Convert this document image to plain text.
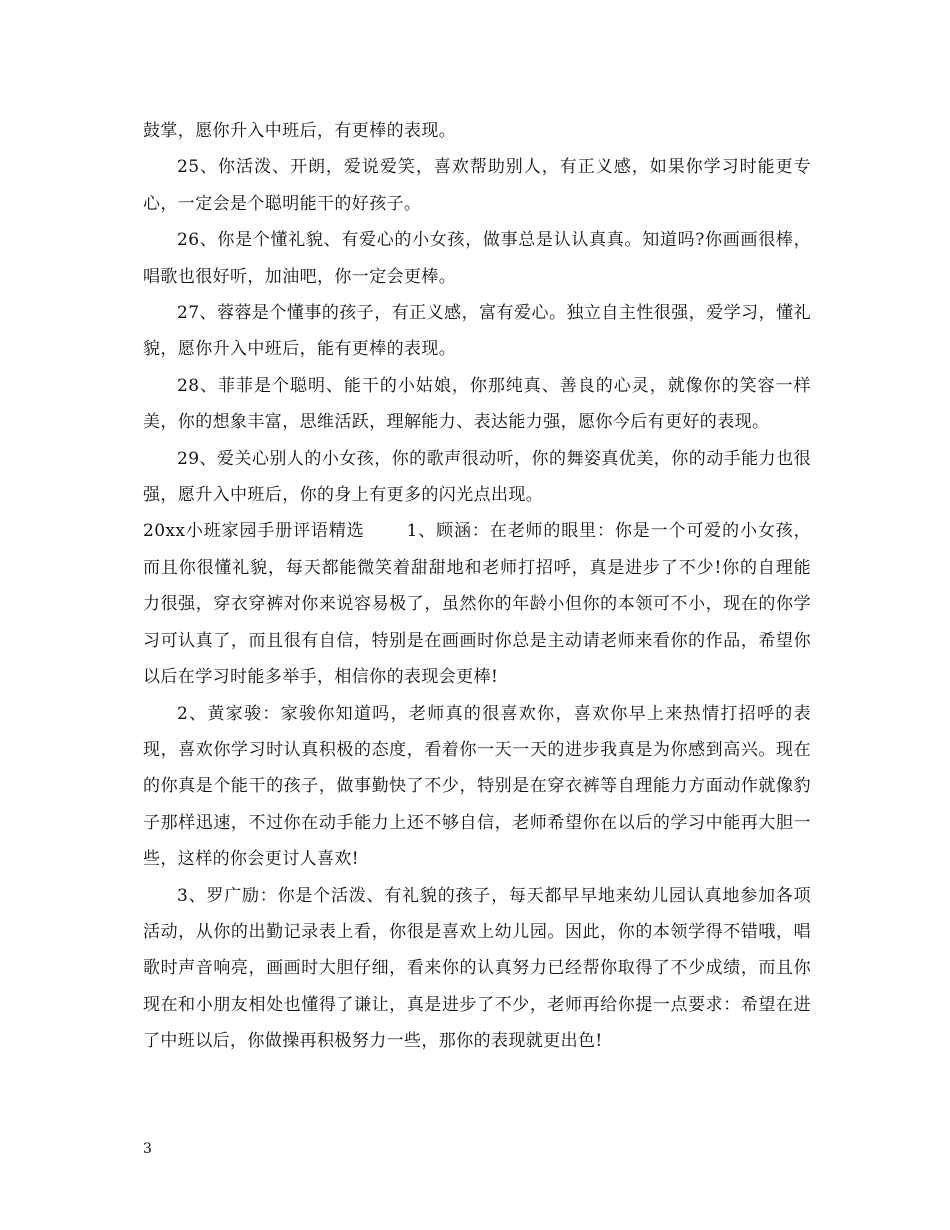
鼓掌，愿你升入中班后，有更棒的表现。

25、你活泼、开朗，爱说爱笑，喜欢帮助别人，有正义感，如果你学习时能更专心，一定会是个聪明能干的好孩子。

26、你是个懂礼貌、有爱心的小女孩，做事总是认认真真。知道吗?你画画很棒，唱歌也很好听，加油吧，你一定会更棒。

27、蓉蓉是个懂事的孩子，有正义感，富有爱心。独立自主性很强，爱学习，懂礼貌，愿你升入中班后，能有更棒的表现。

28、菲菲是个聪明、能干的小姑娘，你那纯真、善良的心灵，就像你的笑容一样美，你的想象丰富，思维活跃，理解能力、表达能力强，愿你今后有更好的表现。

29、爱关心别人的小女孩，你的歌声很动听，你的舞姿真优美，你的动手能力也很强，愿升入中班后，你的身上有更多的闪光点出现。

20xx小班家园手册评语精选　　 1、顾涵：在老师的眼里：你是一个可爱的小女孩，而且你很懂礼貌，每天都能微笑着甜甜地和老师打招呼，真是进步了不少!你的自理能力很强，穿衣穿裤对你来说容易极了，虽然你的年龄小但你的本领可不小，现在的你学习可认真了，而且很有自信，特别是在画画时你总是主动请老师来看你的作品，希望你以后在学习时能多举手，相信你的表现会更棒!

2、黄家骏：家骏你知道吗，老师真的很喜欢你，喜欢你早上来热情打招呼的表现，喜欢你学习时认真积极的态度，看着你一天一天的进步我真是为你感到高兴。现在的你真是个能干的孩子，做事勤快了不少，特别是在穿衣裤等自理能力方面动作就像豹子那样迅速，不过你在动手能力上还不够自信，老师希望你在以后的学习中能再大胆一些，这样的你会更讨人喜欢!

3、罗广励：你是个活泼、有礼貌的孩子，每天都早早地来幼儿园认真地参加各项活动，从你的出勤记录表上看，你很是喜欢上幼儿园。因此，你的本领学得不错哦，唱歌时声音响亮，画画时大胆仔细，看来你的认真努力已经帮你取得了不少成绩，而且你现在和小朋友相处也懂得了谦让，真是进步了不少，老师再给你提一点要求：希望在进了中班以后，你做操再积极努力一些，那你的表现就更出色!

3
